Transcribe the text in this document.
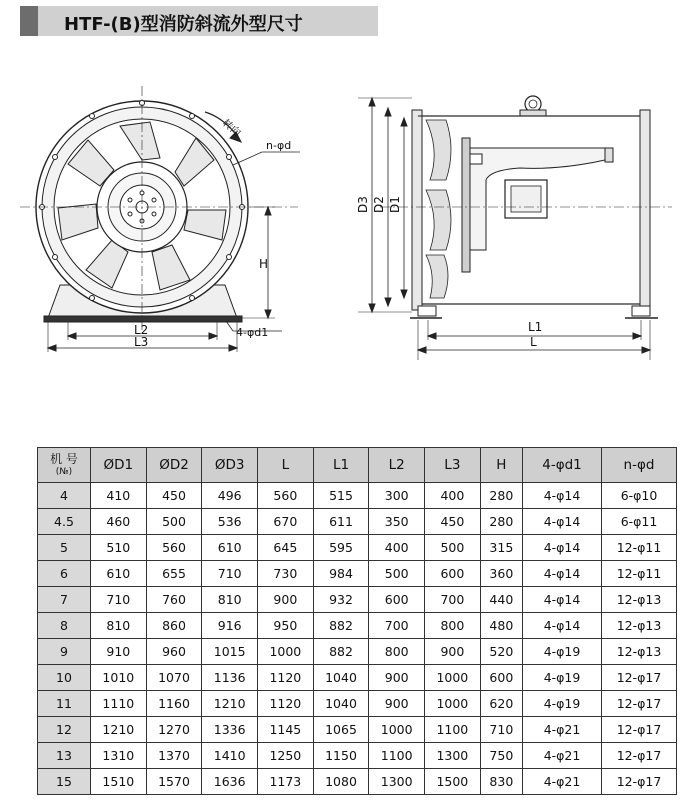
HTF-(B)型消防斜流外型尺寸
转向
n-φd
H
4-φd1
L2
L3
D3 D2 D1
L1
L
机 号
(№)	ØD1	ØD2	ØD3	L	L1	L2	L3	H	4-φd1	n-φd
4	410	450	496	560	515	300	400	280	4-φ14	6-φ10
4.5	460	500	536	670	611	350	450	280	4-φ14	6-φ11
5	510	560	610	645	595	400	500	315	4-φ14	12-φ11
6	610	655	710	730	984	500	600	360	4-φ14	12-φ11
7	710	760	810	900	932	600	700	440	4-φ14	12-φ13
8	810	860	916	950	882	700	800	480	4-φ14	12-φ13
9	910	960	1015	1000	882	800	900	520	4-φ19	12-φ13
10	1010	1070	1136	1120	1040	900	1000	600	4-φ19	12-φ17
11	1110	1160	1210	1120	1040	900	1000	620	4-φ19	12-φ17
12	1210	1270	1336	1145	1065	1000	1100	710	4-φ21	12-φ17
13	1310	1370	1410	1250	1150	1100	1300	750	4-φ21	12-φ17
15	1510	1570	1636	1173	1080	1300	1500	830	4-φ21	12-φ17
